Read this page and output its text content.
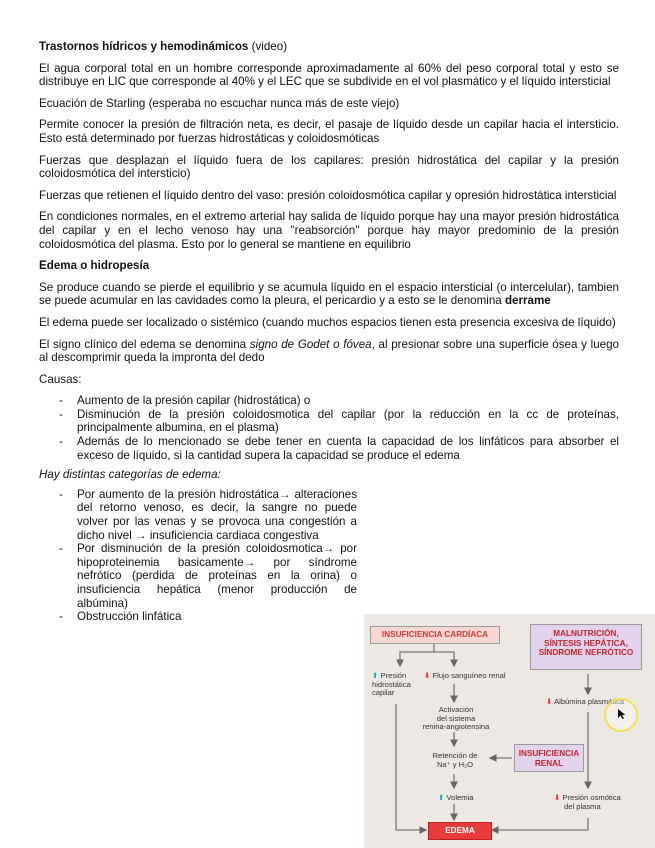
Trastornos hídricos y hemodinámicos (video)

El agua corporal total en un hombre corresponde aproximadamente al 60% del peso corporal total y esto se distribuye en LIC que corresponde al 40% y el LEC que se subdivide en el vol plasmático y el líquido intersticial

Ecuación de Starling (esperaba no escuchar nunca más de este viejo)

Permite conocer la presión de filtración neta, es decir, el pasaje de líquido desde un capilar hacia el intersticio. Esto está determinado por fuerzas hidrostáticas y coloidosmóticas

Fuerzas que desplazan el líquido fuera de los capilares: presión hidrostática del capilar y la presión coloidosmótica del intersticio)

Fuerzas que retienen el líquido dentro del vaso: presión coloidosmótica capilar y opresión hidrostática intersticial

En condiciones normales, en el extremo arterial hay salida de líquido porque hay una mayor presión hidrostática del capilar y en el lecho venoso hay una ''reabsorción'' porque hay mayor predominio de la presión coloidosmótica del plasma. Esto por lo general se mantiene en equilibrio

Edema o hidropesía

Se produce cuando se pierde el equilibrio y se acumula líquido en el espacio intersticial (o intercelular), tambien se puede acumular en las cavidades como la pleura, el pericardio y a esto se le denomina derrame

El edema puede ser localizado o sistémico (cuando muchos espacios tienen esta presencia excesiva de líquido)

El signo clínico del edema se denomina signo de Godet o fóvea, al presionar sobre una superficie ósea y luego al descomprimir queda la impronta del dedo

Causas:

- Aumento de la presión capilar (hidrostática) o
- Disminución de la presión coloidosmotica del capilar (por la reducción en la cc de proteínas, principalmente albumina, en el plasma)
- Además de lo mencionado se debe tener en cuenta la capacidad de los linfáticos para absorber el exceso de líquido, si la cantidad supera la capacidad se produce el edema

Hay distintas categorías de edema:

- Por aumento de la presión hidrostática→ alteraciones del retorno venoso, es decir, la sangre no puede volver por las venas y se provoca una congestión a dicho nivel → insuficiencia cardiaca congestiva
- Por disminución de la presión coloidosmotica→ por hipoproteinemia basicamente→ por síndrome nefrótico (perdida de proteínas en la orina) o insuficiencia hepática (menor producción de albúmina)
- Obstrucción linfática
INSUFICIENCIA CARDÍACA	MALNUTRICIÓN,
SÍNTESIS HEPÁTICA,
SÍNDROME NEFRÓTICO
⬆ Presión
hidrostática
capilar
⬇ Flujo sanguíneo renal
⬇ Albúmina plasmática
Activación
del sistema
renina-angiotensina
Retención de
Na⁺ y H₂O
INSUFICIENCIA
RENAL
⬆ Volemia	⬇ Presión osmótica
del plasma
EDEMA
